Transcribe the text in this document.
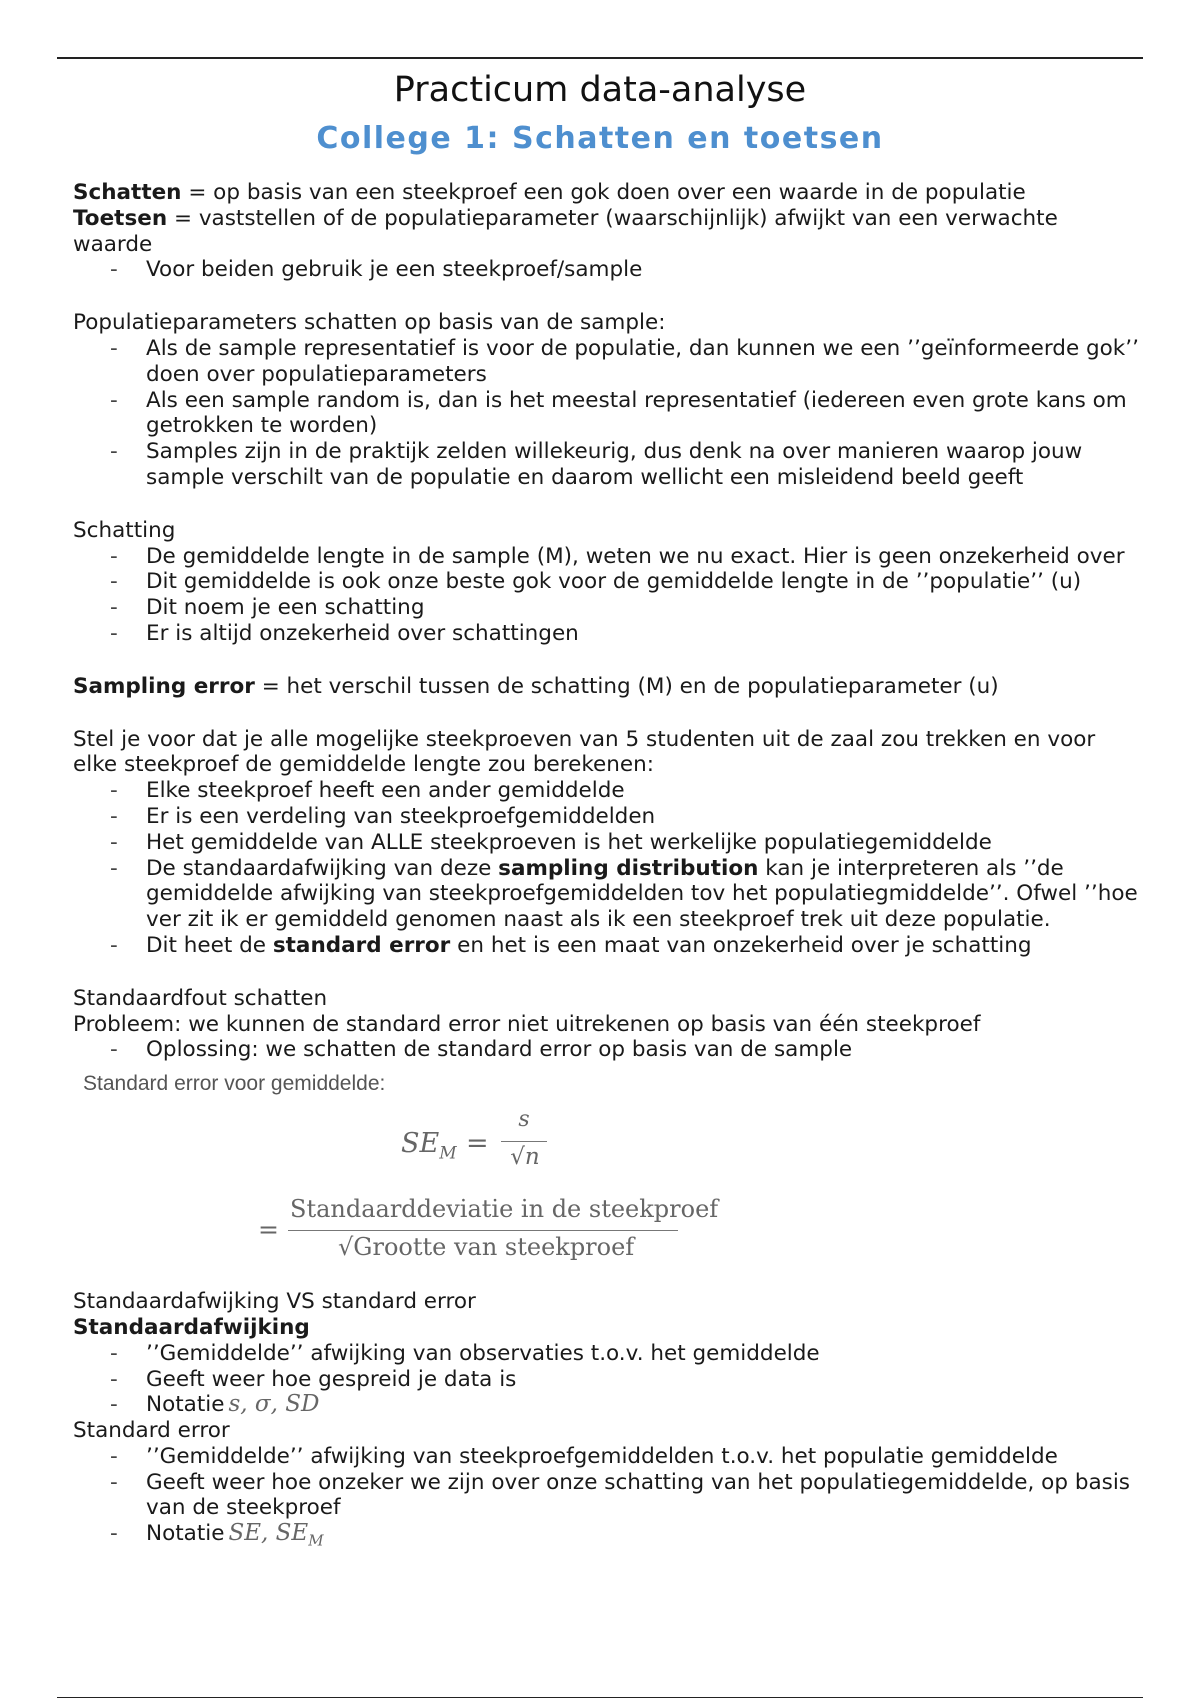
Practicum data-analyse
College 1: Schatten en toetsen

Schatten = op basis van een steekproef een gok doen over een waarde in de populatie

Toetsen = vaststellen of de populatieparameter (waarschijnlijk) afwijkt van een verwachte waarde

- Voor beiden gebruik je een steekproef/sample

Populatieparameters schatten op basis van de sample:

- Als de sample representatief is voor de populatie, dan kunnen we een ’’geïnformeerde gok’’ doen over populatieparameters
- Als een sample random is, dan is het meestal representatief (iedereen even grote kans om getrokken te worden)
- Samples zijn in de praktijk zelden willekeurig, dus denk na over manieren waarop jouw sample verschilt van de populatie en daarom wellicht een misleidend beeld geeft

Schatting

- De gemiddelde lengte in de sample (M), weten we nu exact. Hier is geen onzekerheid over
- Dit gemiddelde is ook onze beste gok voor de gemiddelde lengte in de ’’populatie’’ (u)
- Dit noem je een schatting
- Er is altijd onzekerheid over schattingen

Sampling error = het verschil tussen de schatting (M) en de populatieparameter (u)

Stel je voor dat je alle mogelijke steekproeven van 5 studenten uit de zaal zou trekken en voor elke steekproef de gemiddelde lengte zou berekenen:

- Elke steekproef heeft een ander gemiddelde
- Er is een verdeling van steekproefgemiddelden
- Het gemiddelde van ALLE steekproeven is het werkelijke populatiegemiddelde
- De standaardafwijking van deze sampling distribution kan je interpreteren als ’’de gemiddelde afwijking van steekproefgemiddelden tov het populatiegmiddelde’’. Ofwel ’’hoe ver zit ik er gemiddeld genomen naast als ik een steekproef trek uit deze populatie.
- Dit heet de standard error en het is een maat van onzekerheid over je schatting

Standaardfout schatten

Probleem: we kunnen de standard error niet uitrekenen op basis van één steekproef

- Oplossing: we schatten de standard error op basis van de sample
Standard error voor gemiddelde:
$SE_M$ =
s
√n
=
Standaarddeviatie in de steekproef
√Grootte van steekproef

Standaardafwijking VS standard error

Standaardafwijking

- ’’Gemiddelde’’ afwijking van observaties t.o.v. het gemiddelde
- Geeft weer hoe gespreid je data is
- Notatie s, σ, SD

Standard error

- ’’Gemiddelde’’ afwijking van steekproefgemiddelden t.o.v. het populatie gemiddelde
- Geeft weer hoe onzeker we zijn over onze schatting van het populatiegemiddelde, op basis van de steekproef
- Notatie SE, $SE_M$
